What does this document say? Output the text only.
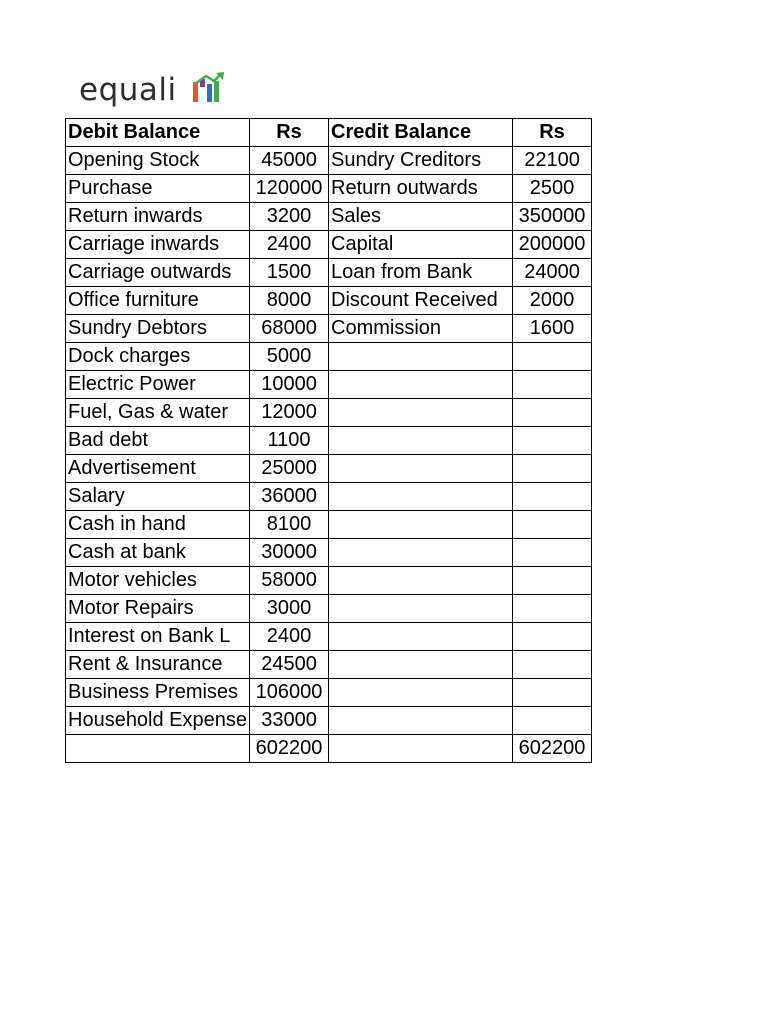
equali
Debit Balance	Rs	Credit Balance	Rs
Opening Stock	45000	Sundry Creditors	22100
Purchase	120000	Return outwards	2500
Return inwards	3200	Sales	350000
Carriage inwards	2400	Capital	200000
Carriage outwards	1500	Loan from Bank	24000
Office furniture	8000	Discount Received	2000
Sundry Debtors	68000	Commission	1600
Dock charges	5000		
Electric Power	10000		
Fuel, Gas & water	12000		
Bad debt	1100		
Advertisement	25000		
Salary	36000		
Cash in hand	8100		
Cash at bank	30000		
Motor vehicles	58000		
Motor Repairs	3000		
Interest on Bank L	2400		
Rent & Insurance	24500		
Business Premises	106000		
Household Expense	33000		
	602200		602200
